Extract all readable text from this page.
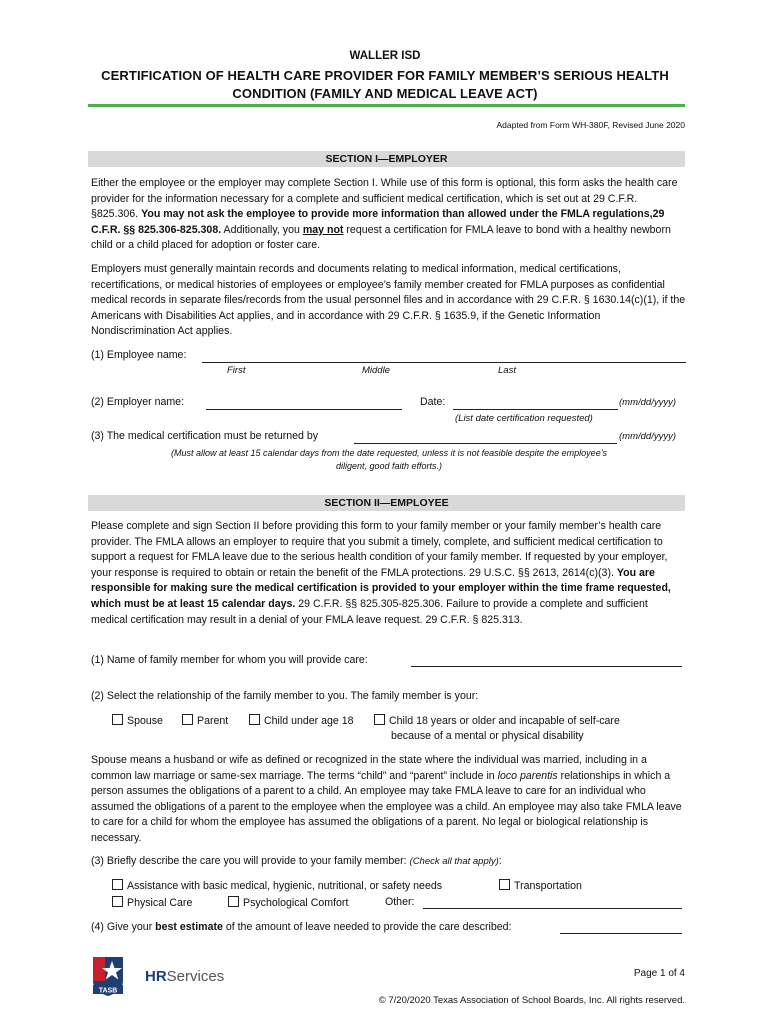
WALLER ISD
CERTIFICATION OF HEALTH CARE PROVIDER FOR FAMILY MEMBER’S SERIOUS HEALTH
CONDITION (FAMILY AND MEDICAL LEAVE ACT)
Adapted from Form WH-380F, Revised June 2020
SECTION I—EMPLOYER
Either the employee or the employer may complete Section I. While use of this form is optional, this form asks the health care provider for the information necessary for a complete and sufficient medical certification, which is set out at 29 C.F.R. §825.306. You may not ask the employee to provide more information than allowed under the FMLA regulations,29 C.F.R. §§ 825.306-825.308. Additionally, you may not request a certification for FMLA leave to bond with a healthy newborn child or a child placed for adoption or foster care.
Employers must generally maintain records and documents relating to medical information, medical certifications, recertifications, or medical histories of employees or employee’s family member created for FMLA purposes as confidential medical records in separate files/records from the usual personnel files and in accordance with 29 C.F.R. § 1630.14(c)(1), if the Americans with Disabilities Act applies, and in accordance with 29 C.F.R. § 1635.9, if the Genetic Information Nondiscrimination Act applies.
(1) Employee name:
First	Middle	Last
(2) Employer name:	Date:	(mm/dd/yyyy)
(List date certification requested)
(3) The medical certification must be returned by	(mm/dd/yyyy)
(Must allow at least 15 calendar days from the date requested, unless it is not feasible despite the employee’s
diligent, good faith efforts.)
SECTION II—EMPLOYEE
Please complete and sign Section II before providing this form to your family member or your family member’s health care provider. The FMLA allows an employer to require that you submit a timely, complete, and sufficient medical certification to support a request for FMLA leave due to the serious health condition of your family member. If requested by your employer, your response is required to obtain or retain the benefit of the FMLA protections. 29 U.S.C. §§ 2613, 2614(c)(3). You are responsible for making sure the medical certification is provided to your employer within the time frame requested, which must be at least 15 calendar days. 29 C.F.R. §§ 825.305-825.306. Failure to provide a complete and sufficient medical certification may result in a denial of your FMLA leave request. 29 C.F.R. § 825.313.
(1) Name of family member for whom you will provide care:
(2) Select the relationship of the family member to you. The family member is your:
Spouse	Parent	Child under age 18	Child 18 years or older and incapable of self-care
because of a mental or physical disability
Spouse means a husband or wife as defined or recognized in the state where the individual was married, including in a common law marriage or same-sex marriage. The terms “child” and “parent” include in loco parentis relationships in which a person assumes the obligations of a parent to a child. An employee may take FMLA leave to care for an individual who assumed the obligations of a parent to the employee when the employee was a child. An employee may also take FMLA leave to care for a child for whom the employee has assumed the obligations of a parent. No legal or biological relationship is necessary.
(3) Briefly describe the care you will provide to your family member: (Check all that apply):
Assistance with basic medical, hygienic, nutritional, or safety needs	Transportation
Physical Care	Psychological Comfort	Other:
(4) Give your best estimate of the amount of leave needed to provide the care described:
TASB
HRServices	Page 1 of 4
© 7/20/2020 Texas Association of School Boards, Inc. All rights reserved.
